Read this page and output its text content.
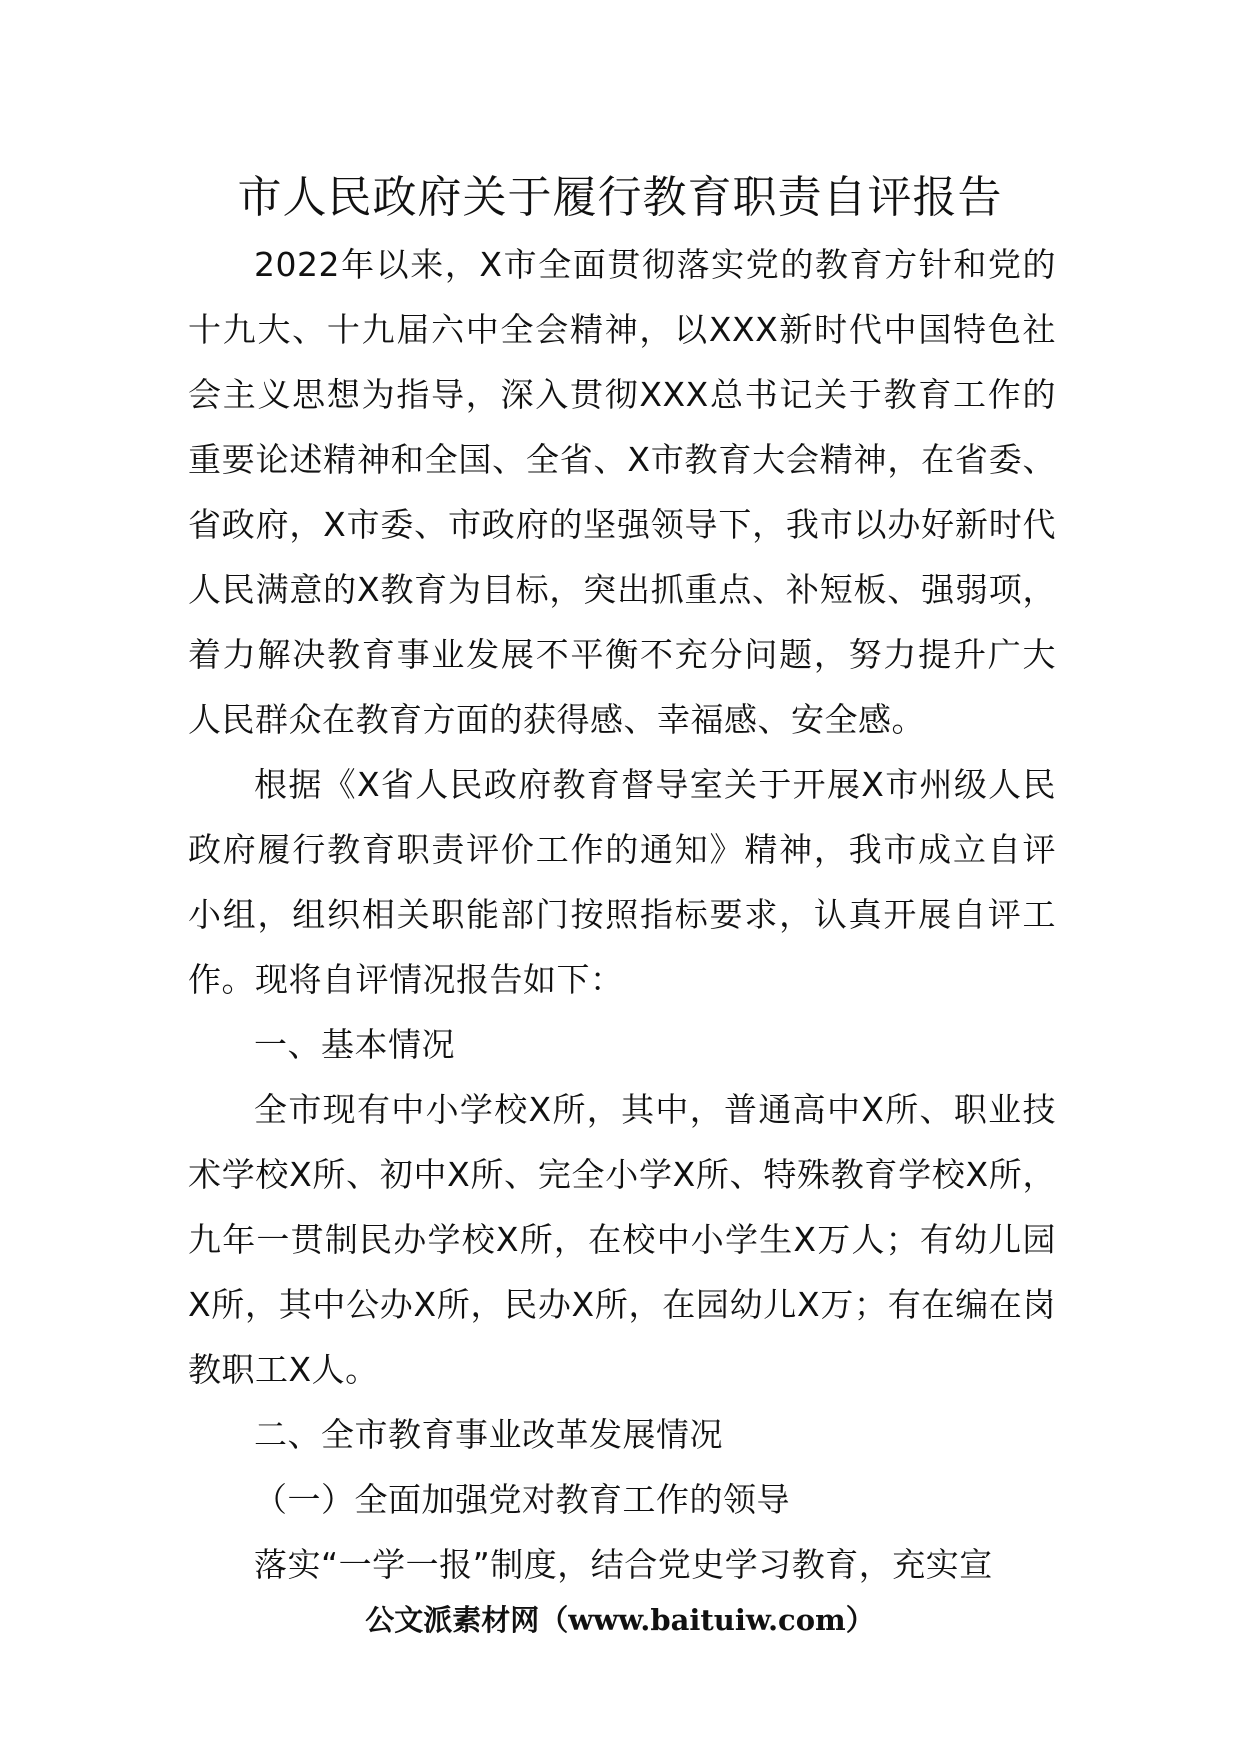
市人民政府关于履行教育职责自评报告

2022年以来，X市全面贯彻落实党的教育方针和党的十九大、十九届六中全会精神，以XXX新时代中国特色社会主义思想为指导，深入贯彻XXX总书记关于教育工作的重要论述精神和全国、全省、X市教育大会精神，在省委、省政府，X市委、市政府的坚强领导下，我市以办好新时代人民满意的X教育为目标，突出抓重点、补短板、强弱项，着力解决教育事业发展不平衡不充分问题，努力提升广大人民群众在教育方面的获得感、幸福感、安全感。

根据《X省人民政府教育督导室关于开展X市州级人民政府履行教育职责评价工作的通知》精神，我市成立自评小组，组织相关职能部门按照指标要求，认真开展自评工作。现将自评情况报告如下：

一、基本情况

全市现有中小学校X所，其中，普通高中X所、职业技术学校X所、初中X所、完全小学X所、特殊教育学校X所，九年一贯制民办学校X所，在校中小学生X万人；有幼儿园X所，其中公办X所，民办X所，在园幼儿X万；有在编在岗教职工X人。

二、全市教育事业改革发展情况

（一）全面加强党对教育工作的领导

落实“一学一报”制度，结合党史学习教育，充实宣

公文派素材网（www.baituiw.com）
